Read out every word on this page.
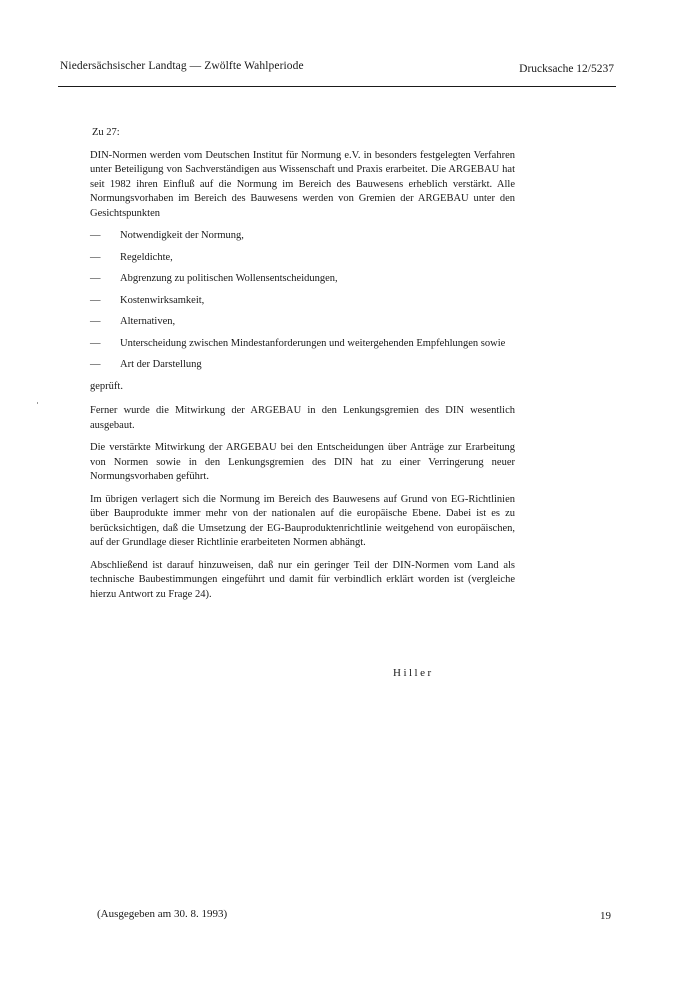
Niedersächsischer Landtag — Zwölfte Wahlperiode	Drucksache 12/5237

Zu 27:

DIN-Normen werden vom Deutschen Institut für Normung e.V. in besonders festgelegten Verfahren unter Beteiligung von Sachverständigen aus Wissenschaft und Praxis erarbeitet. Die ARGEBAU hat seit 1982 ihren Einfluß auf die Normung im Bereich des Bauwesens erheblich verstärkt. Alle Normungsvorhaben im Bereich des Bauwesens werden von Gremien der ARGEBAU unter den Gesichtspunkten

—	Notwendigkeit der Normung,
—	Regeldichte,
—	Abgrenzung zu politischen Wollensentscheidungen,
—	Kostenwirksamkeit,
—	Alternativen,
—	Unterscheidung zwischen Mindestanforderungen und weitergehenden Empfehlungen sowie
—	Art der Darstellung

geprüft.

Ferner wurde die Mitwirkung der ARGEBAU in den Lenkungsgremien des DIN wesentlich ausgebaut.

Die verstärkte Mitwirkung der ARGEBAU bei den Entscheidungen über Anträge zur Erarbeitung von Normen sowie in den Lenkungsgremien des DIN hat zu einer Verringerung neuer Normungsvorhaben geführt.

Im übrigen verlagert sich die Normung im Bereich des Bauwesens auf Grund von EG-Richtlinien über Bauprodukte immer mehr von der nationalen auf die europäische Ebene. Dabei ist es zu berücksichtigen, daß die Umsetzung der EG-Bauproduktenrichtlinie weitgehend von europäischen, auf der Grundlage dieser Richtlinie erarbeiteten Normen abhängt.

Abschließend ist darauf hinzuweisen, daß nur ein geringer Teil der DIN-Normen vom Land als technische Baubestimmungen eingeführt und damit für verbindlich erklärt worden ist (vergleiche hierzu Antwort zu Frage 24).

Hiller
(Ausgegeben am 30. 8. 1993)	19
